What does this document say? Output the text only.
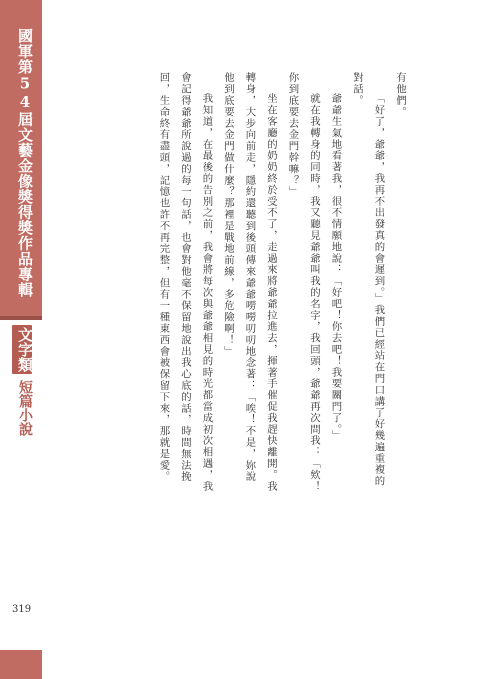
國軍第54屆文藝金像獎得獎作品專輯
文字類
短篇小說
319

有他們。

「好了，爺爺，我再不出發真的會遲到。」我們已經站在門口講了好幾遍重複的對話。

爺爺生氣地看著我，很不情願地說：「好吧！你去吧！我要關門了。」

就在我轉身的同時，我又聽見爺爺叫我的名字，我回頭，爺爺再次問我：「欸！你到底要去金門幹嘛？」

坐在客廳的奶奶終於受不了，走過來將爺爺拉進去，揮著手催促我趕快離開。我轉身，大步向前走，隱約還聽到後頭傳來爺爺嘮嘮叨叨地念著：「唉！不是，妳說他到底要去金門做什麼？那裡是戰地前線，多危險啊！」

我知道，在最後的告別之前，我會將每次與爺爺相見的時光都當成初次相遇，我會記得爺爺所說過的每一句話，也會對他毫不保留地說出我心底的話，時間無法挽回，生命終有盡頭，記憶也許不再完整，但有一種東西會被保留下來，那就是愛。
